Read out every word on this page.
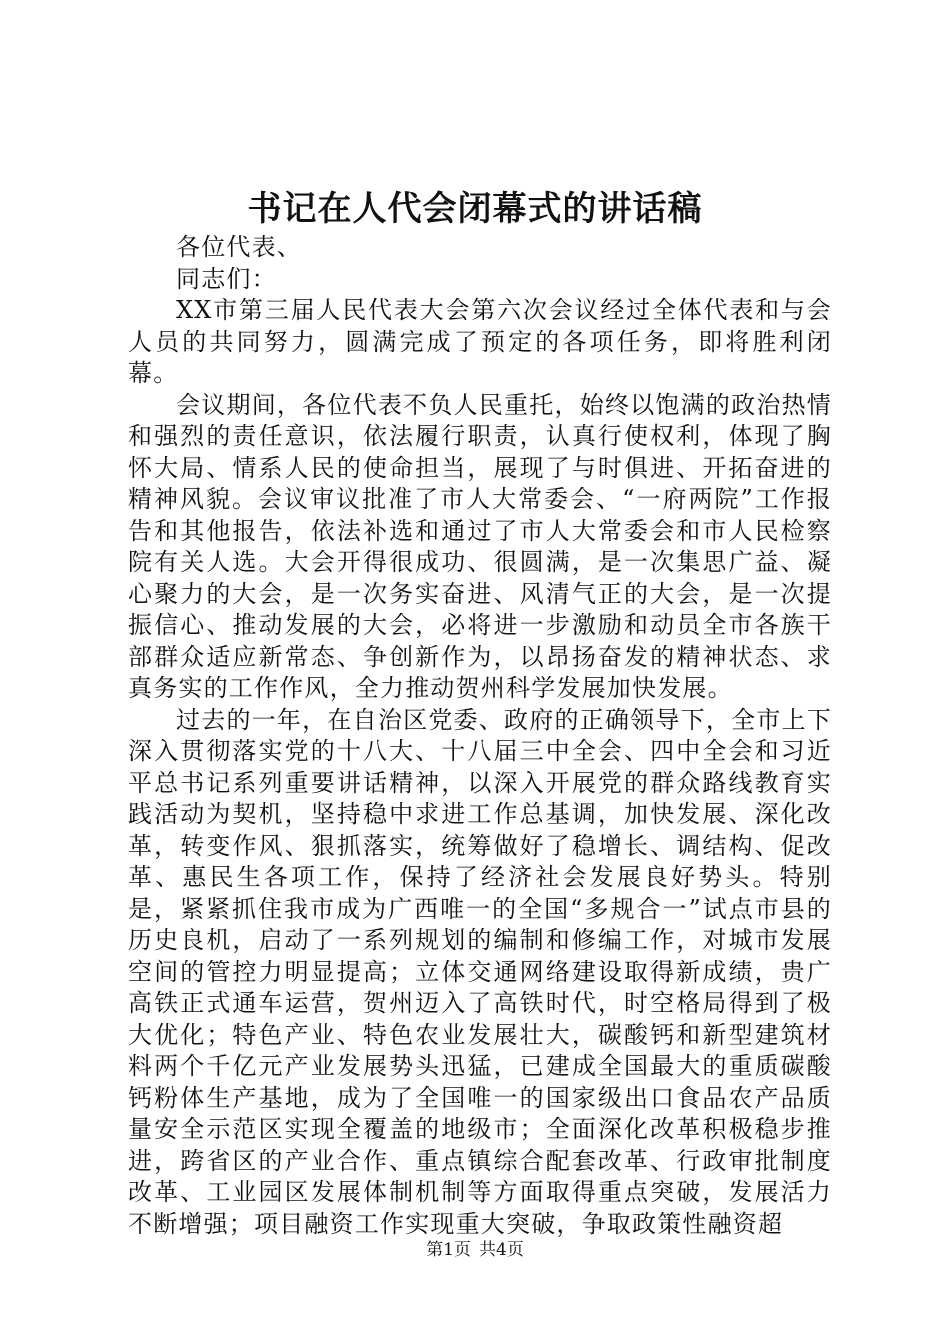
书记在人代会闭幕式的讲话稿

各位代表、

同志们：

XX市第三届人民代表大会第六次会议经过全体代表和与会人员的共同努力，圆满完成了预定的各项任务，即将胜利闭幕。

会议期间，各位代表不负人民重托，始终以饱满的政治热情和强烈的责任意识，依法履行职责，认真行使权利，体现了胸怀大局、情系人民的使命担当，展现了与时俱进、开拓奋进的精神风貌。会议审议批准了市人大常委会、“一府两院”工作报告和其他报告，依法补选和通过了市人大常委会和市人民检察院有关人选。大会开得很成功、很圆满，是一次集思广益、凝心聚力的大会，是一次务实奋进、风清气正的大会，是一次提振信心、推动发展的大会，必将进一步激励和动员全市各族干部群众适应新常态、争创新作为，以昂扬奋发的精神状态、求真务实的工作作风，全力推动贺州科学发展加快发展。

过去的一年，在自治区党委、政府的正确领导下，全市上下深入贯彻落实党的十八大、十八届三中全会、四中全会和习近平总书记系列重要讲话精神，以深入开展党的群众路线教育实践活动为契机，坚持稳中求进工作总基调，加快发展、深化改革，转变作风、狠抓落实，统筹做好了稳增长、调结构、促改革、惠民生各项工作，保持了经济社会发展良好势头。特别是，紧紧抓住我市成为广西唯一的全国“多规合一”试点市县的历史良机，启动了一系列规划的编制和修编工作，对城市发展空间的管控力明显提高；立体交通网络建设取得新成绩，贵广高铁正式通车运营，贺州迈入了高铁时代，时空格局得到了极大优化；特色产业、特色农业发展壮大，碳酸钙和新型建筑材料两个千亿元产业发展势头迅猛，已建成全国最大的重质碳酸钙粉体生产基地，成为了全国唯一的国家级出口食品农产品质量安全示范区实现全覆盖的地级市；全面深化改革积极稳步推进，跨省区的产业合作、重点镇综合配套改革、行政审批制度改革、工业园区发展体制机制等方面取得重点突破，发展活力不断增强；项目融资工作实现重大突破，争取政策性融资超

第1页 共4页
